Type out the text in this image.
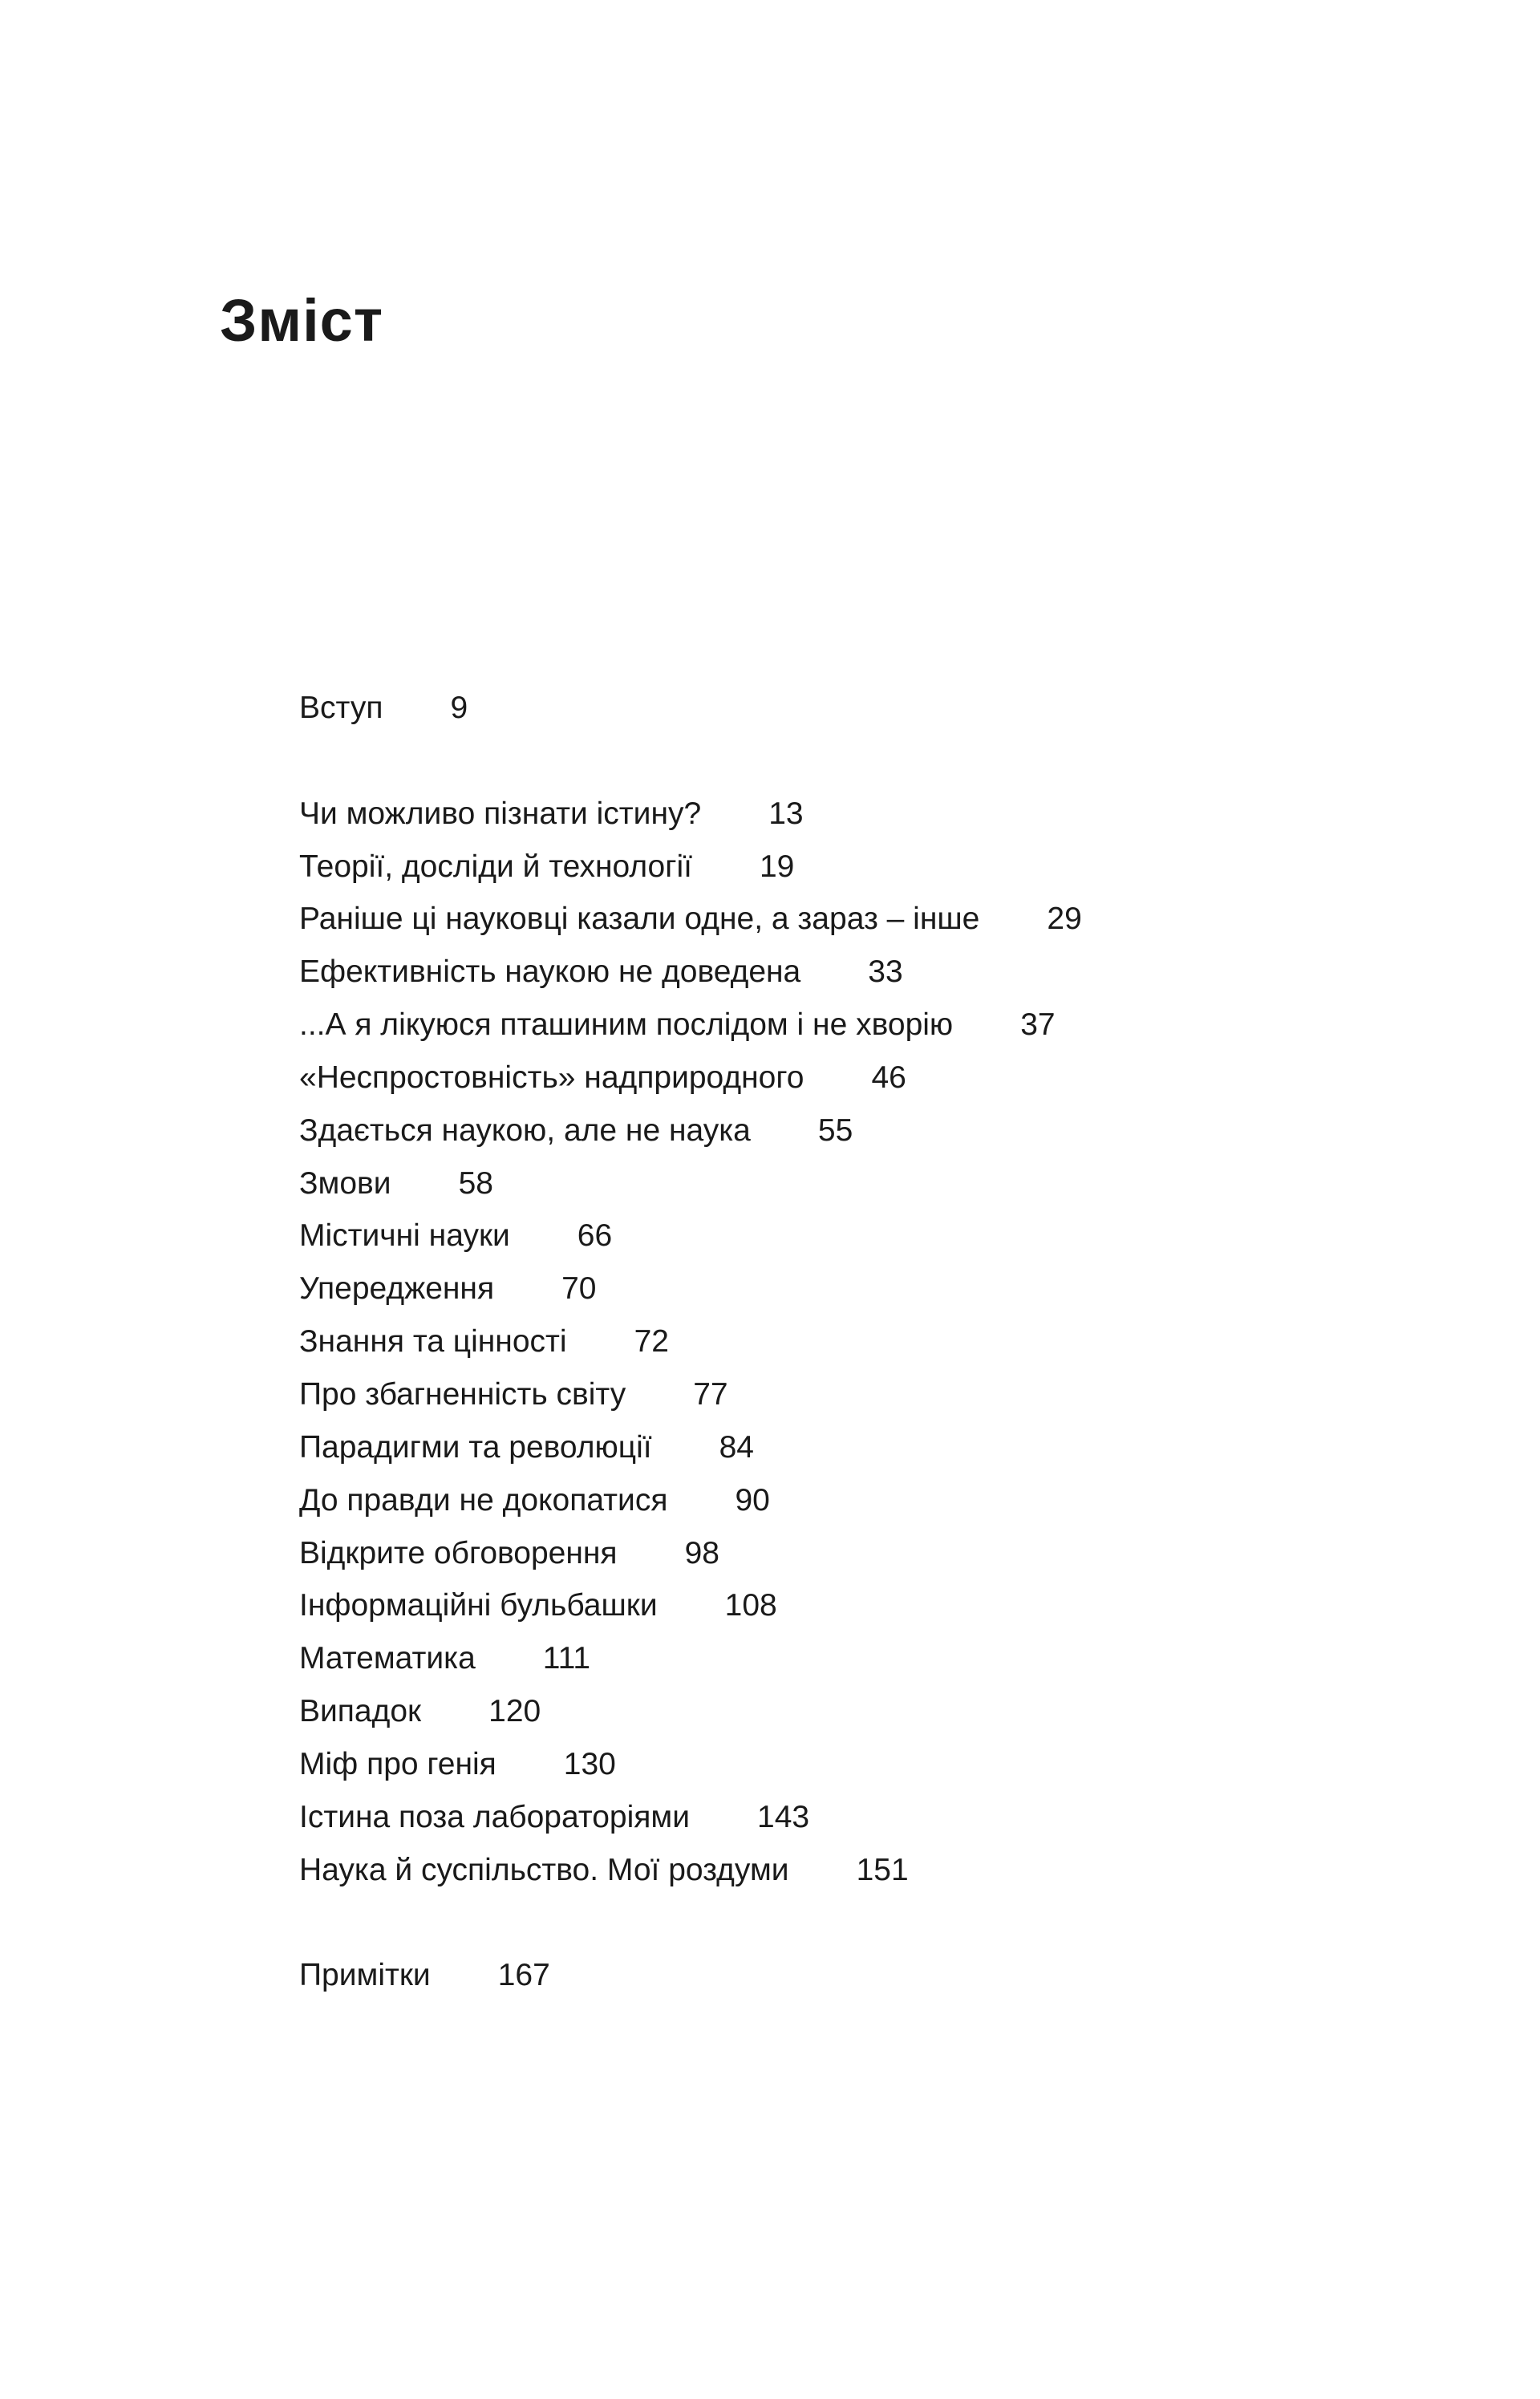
Зміст
Вступ 9
Чи можливо пізнати істину? 13
Теорії, досліди й технології 19
Раніше ці науковці казали одне, а зараз – інше 29
Ефективність наукою не доведена 33
...А я лікуюся пташиним послідом і не хворію 37
«Неспростовність» надприродного 46
Здається наукою, але не наука 55
Змови 58
Містичні науки 66
Упередження 70
Знання та цінності 72
Про збагненність світу 77
Парадигми та революції 84
До правди не докопатися 90
Відкрите обговорення 98
Інформаційні бульбашки 108
Математика 111
Випадок 120
Міф про генія 130
Істина поза лабораторіями 143
Наука й суспільство. Мої роздуми 151
Примітки 167
